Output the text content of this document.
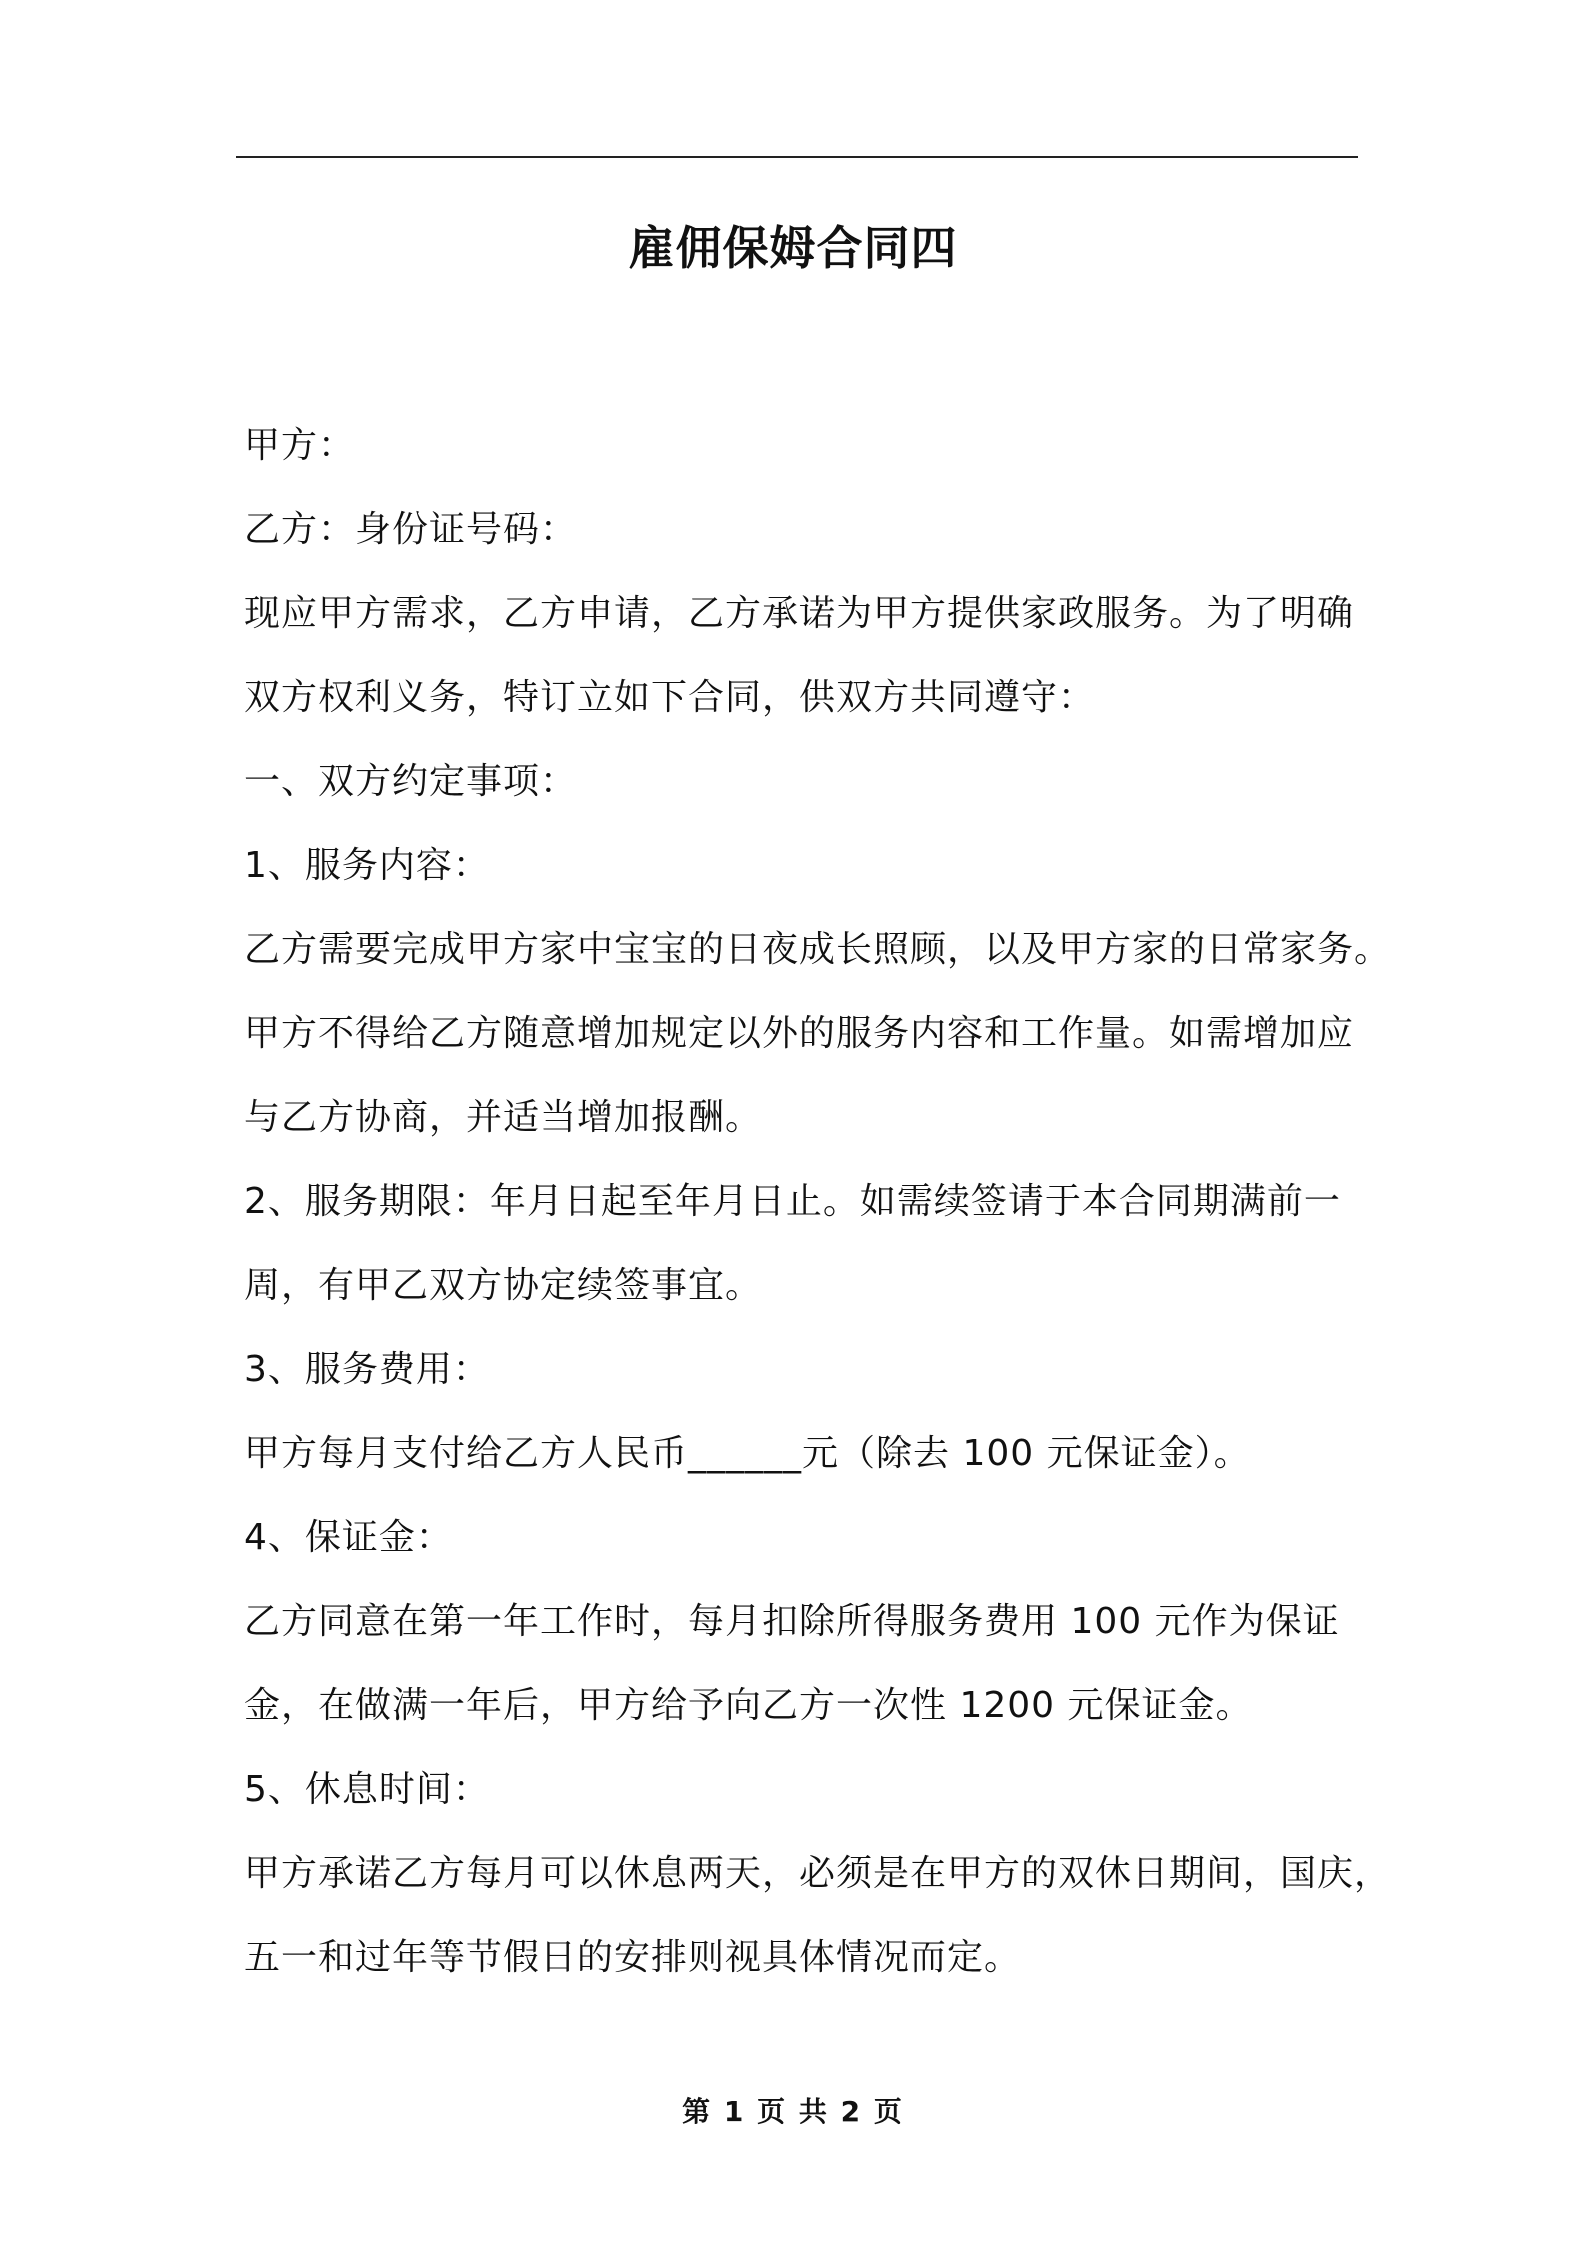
雇佣保姆合同四
甲方：
乙方：身份证号码：
现应甲方需求，乙方申请，乙方承诺为甲方提供家政服务。为了明确
双方权利义务，特订立如下合同，供双方共同遵守：
一、双方约定事项：
1、服务内容：
乙方需要完成甲方家中宝宝的日夜成长照顾，以及甲方家的日常家务。
甲方不得给乙方随意增加规定以外的服务内容和工作量。如需增加应
与乙方协商，并适当增加报酬。
2、服务期限：年月日起至年月日止。如需续签请于本合同期满前一
周，有甲乙双方协定续签事宜。
3、服务费用：
甲方每月支付给乙方人民币______元（除去 100 元保证金）。
4、保证金：
乙方同意在第一年工作时，每月扣除所得服务费用 100 元作为保证
金，在做满一年后，甲方给予向乙方一次性 1200 元保证金。
5、休息时间：
甲方承诺乙方每月可以休息两天，必须是在甲方的双休日期间，国庆，
五一和过年等节假日的安排则视具体情况而定。
第 1 页 共 2 页
